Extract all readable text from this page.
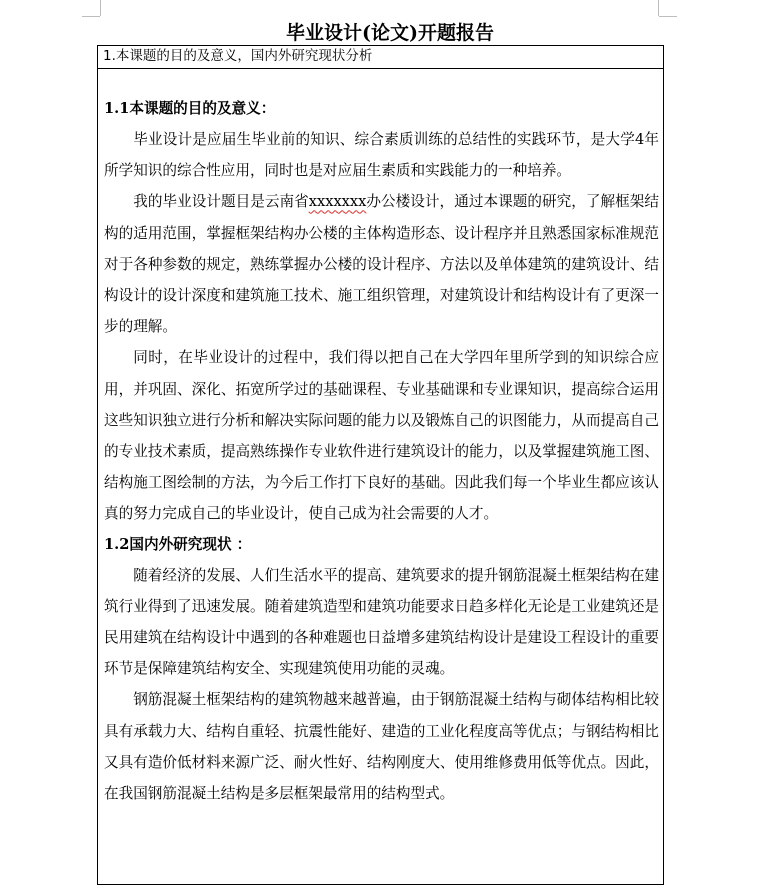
毕业设计(论文)开题报告
1.本课题的目的及意义，国内外研究现状分析

1.1本课题的目的及意义：

毕业设计是应届生毕业前的知识、综合素质训练的总结性的实践环节，是大学4年所学知识的综合性应用，同时也是对应届生素质和实践能力的一种培养。

我的毕业设计题目是云南省xxxxxxx办公楼设计，通过本课题的研究，了解框架结构的适用范围，掌握框架结构办公楼的主体构造形态、设计程序并且熟悉国家标准规范对于各种参数的规定，熟练掌握办公楼的设计程序、方法以及单体建筑的建筑设计、结构设计的设计深度和建筑施工技术、施工组织管理，对建筑设计和结构设计有了更深一步的理解。

同时，在毕业设计的过程中，我们得以把自己在大学四年里所学到的知识综合应用，并巩固、深化、拓宽所学过的基础课程、专业基础课和专业课知识，提高综合运用这些知识独立进行分析和解决实际问题的能力以及锻炼自己的识图能力，从而提高自己的专业技术素质，提高熟练操作专业软件进行建筑设计的能力，以及掌握建筑施工图、结构施工图绘制的方法，为今后工作打下良好的基础。因此我们每一个毕业生都应该认真的努力完成自己的毕业设计，使自己成为社会需要的人才。

1.2国内外研究现状 ：

随着经济的发展、人们生活水平的提高、建筑要求的提升钢筋混凝土框架结构在建筑行业得到了迅速发展。随着建筑造型和建筑功能要求日趋多样化无论是工业建筑还是民用建筑在结构设计中遇到的各种难题也日益增多建筑结构设计是建设工程设计的重要环节是保障建筑结构安全、实现建筑使用功能的灵魂。

钢筋混凝土框架结构的建筑物越来越普遍，由于钢筋混凝土结构与砌体结构相比较具有承载力大、结构自重轻、抗震性能好、建造的工业化程度高等优点；与钢结构相比又具有造价低材料来源广泛、耐火性好、结构刚度大、使用维修费用低等优点。因此，在我国钢筋混凝土结构是多层框架最常用的结构型式。
